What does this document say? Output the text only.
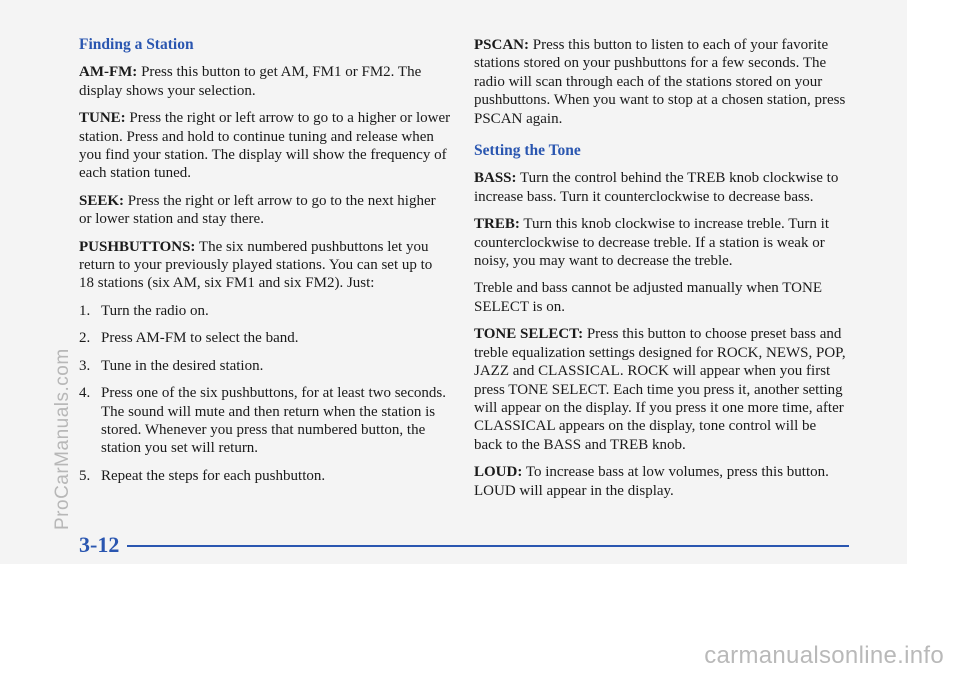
Finding a Station

AM-FM: Press this button to get AM, FM1 or FM2. The display shows your selection.

TUNE: Press the right or left arrow to go to a higher or lower station. Press and hold to continue tuning and release when you find your station. The display will show the frequency of each station tuned.

SEEK: Press the right or left arrow to go to the next higher or lower station and stay there.

PUSHBUTTONS: The six numbered pushbuttons let you return to your previously played stations. You can set up to 18 stations (six AM, six FM1 and six FM2). Just:

1. Turn the radio on.
2. Press AM-FM to select the band.
3. Tune in the desired station.
4. Press one of the six pushbuttons, for at least two seconds. The sound will mute and then return when the station is stored. Whenever you press that numbered button, the station you set will return.
5. Repeat the steps for each pushbutton.

PSCAN: Press this button to listen to each of your favorite stations stored on your pushbuttons for a few seconds. The radio will scan through each of the stations stored on your pushbuttons. When you want to stop at a chosen station, press PSCAN again.

Setting the Tone

BASS: Turn the control behind the TREB knob clockwise to increase bass. Turn it counterclockwise to decrease bass.

TREB: Turn this knob clockwise to increase treble. Turn it counterclockwise to decrease treble. If a station is weak or noisy, you may want to decrease the treble.

Treble and bass cannot be adjusted manually when TONE SELECT is on.

TONE SELECT: Press this button to choose preset bass and treble equalization settings designed for ROCK, NEWS, POP, JAZZ and CLASSICAL. ROCK will appear when you first press TONE SELECT. Each time you press it, another setting will appear on the display. If you press it one more time, after CLASSICAL appears on the display, tone control will be back to the BASS and TREB knob.

LOUD: To increase bass at low volumes, press this button. LOUD will appear in the display.

3-12
ProCarManuals.com
carmanualsonline.info
